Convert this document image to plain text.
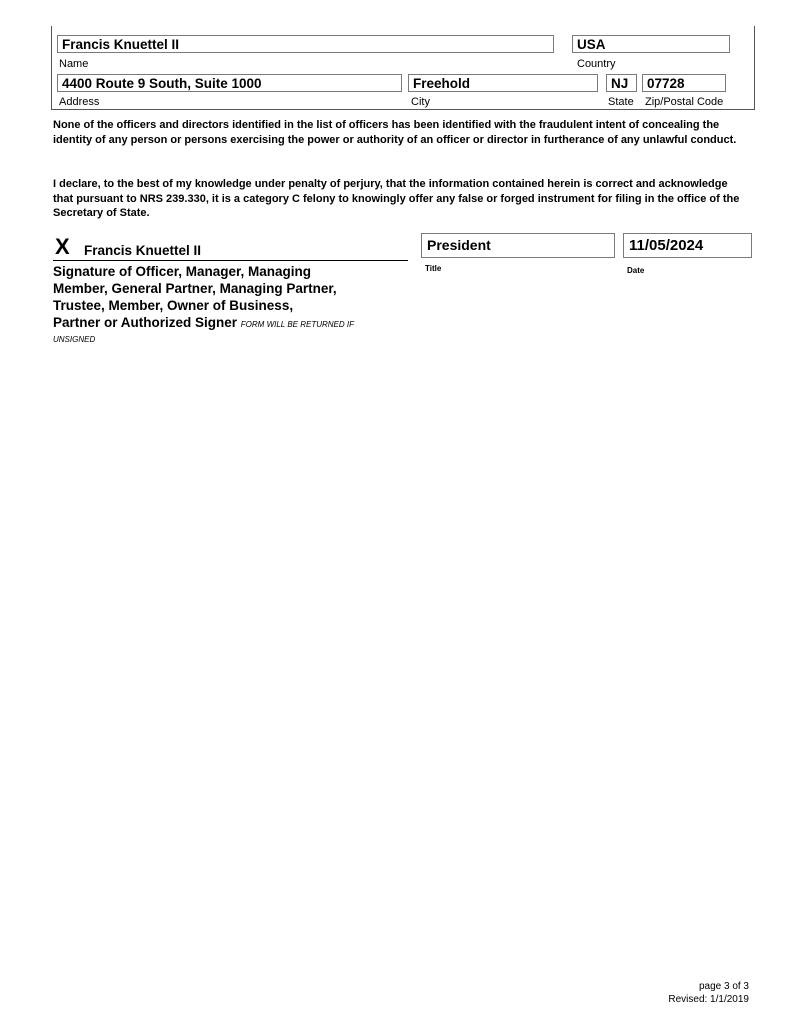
Francis Knuettel II	USA
Name	Country
4400 Route 9 South, Suite 1000	Freehold	NJ	07728
Address	City	State Zip/Postal Code
None of the officers and directors identified in the list of officers has been identified with the fraudulent intent of concealing the identity of any person or persons exercising the power or authority of an officer or director in furtherance of any unlawful conduct.
I declare, to the best of my knowledge under penalty of perjury, that the information contained herein is correct and acknowledge that pursuant to NRS 239.330, it is a category C felony to knowingly offer any false or forged instrument for filing in the office of the Secretary of State.
X Francis Knuettel II
Signature of Officer, Manager, Managing
Member, General Partner, Managing Partner,
Trustee, Member, Owner of Business,
Partner or Authorized Signer FORM WILL BE RETURNED IF
UNSIGNED
President
Title
11/05/2024
Date
page 3 of 3
Revised: 1/1/2019
